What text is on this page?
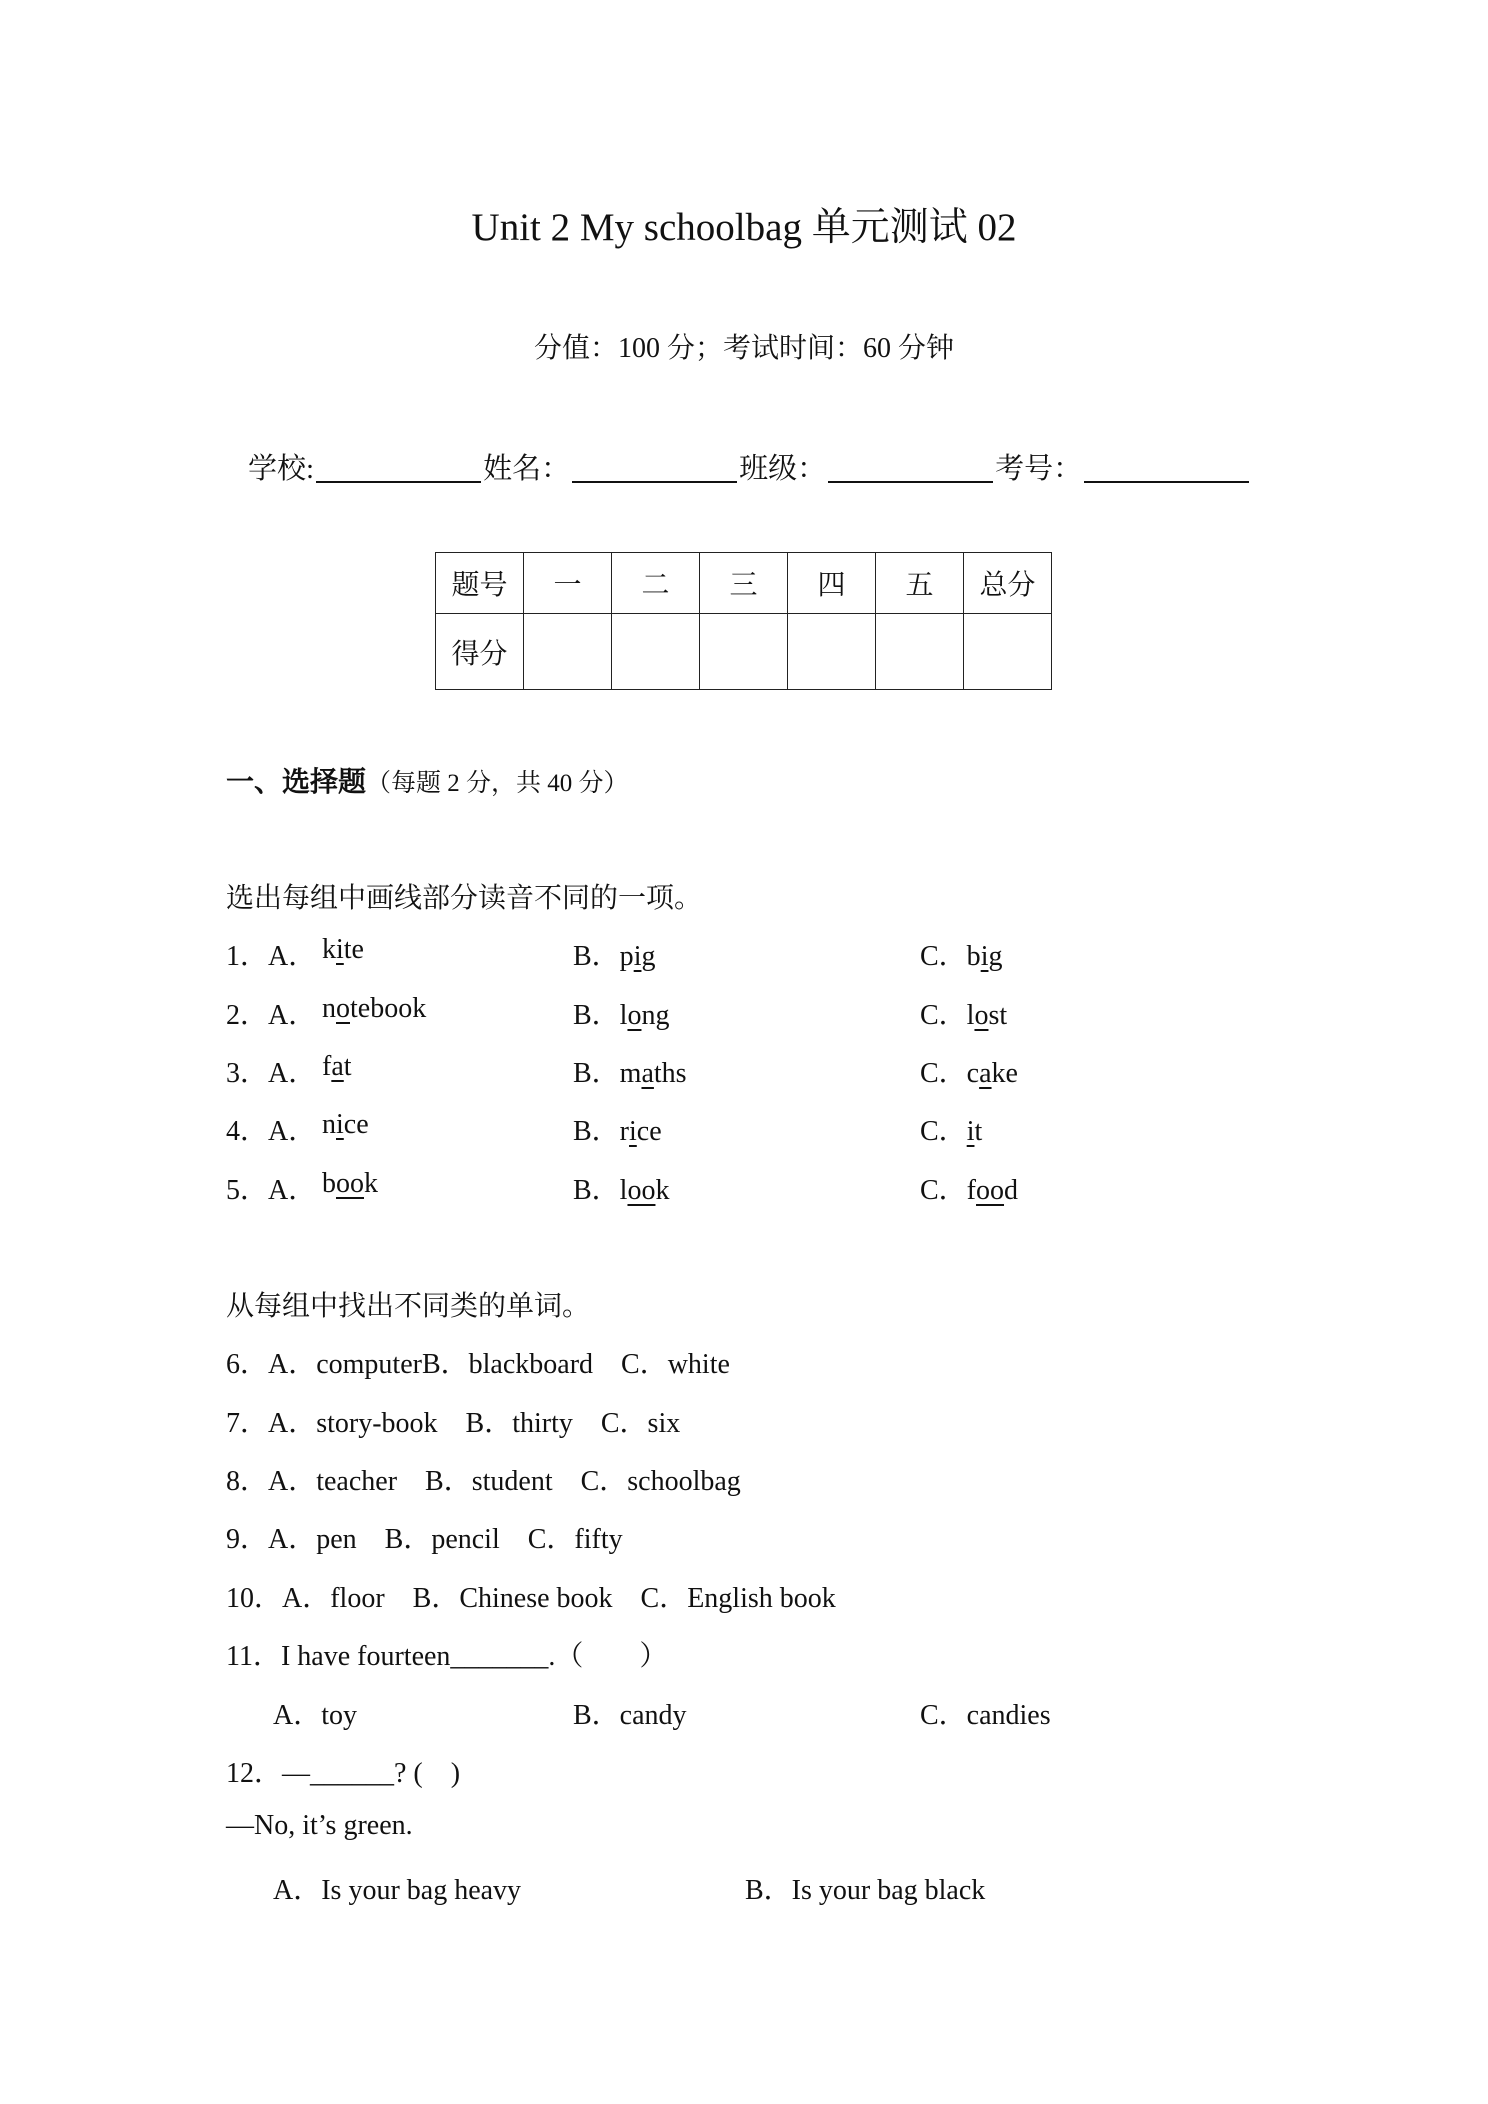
Unit 2 My schoolbag 单元测试 02
分值：100 分；考试时间：60 分钟
学校:	姓名：	班级：	考号：
题号	一	二	三	四	五	总分
得分						
一、选择题（每题 2 分，共 40 分）
选出每组中画线部分读音不同的一项。
1．A． kite	B．pig	C．big
2．A． notebook	B．long	C．lost
3．A． fat	B．maths	C．cake
4．A． nice	B．rice	C．it
5．A． book	B．look	C．food
从每组中找出不同类的单词。
6．A．computerB．blackboard　C．white
7．A．story-book　B．thirty　C．six
8．A．teacher　B．student　C．schoolbag
9．A．pen　B．pencil　C．fifty
10．A．floor　B．Chinese book　C．English book
11．I have fourteen_______.（　　）
A．toy	B．candy	C．candies
12．—______? (　)
—No, it’s green.
A．Is your bag heavy	B．Is your bag black
